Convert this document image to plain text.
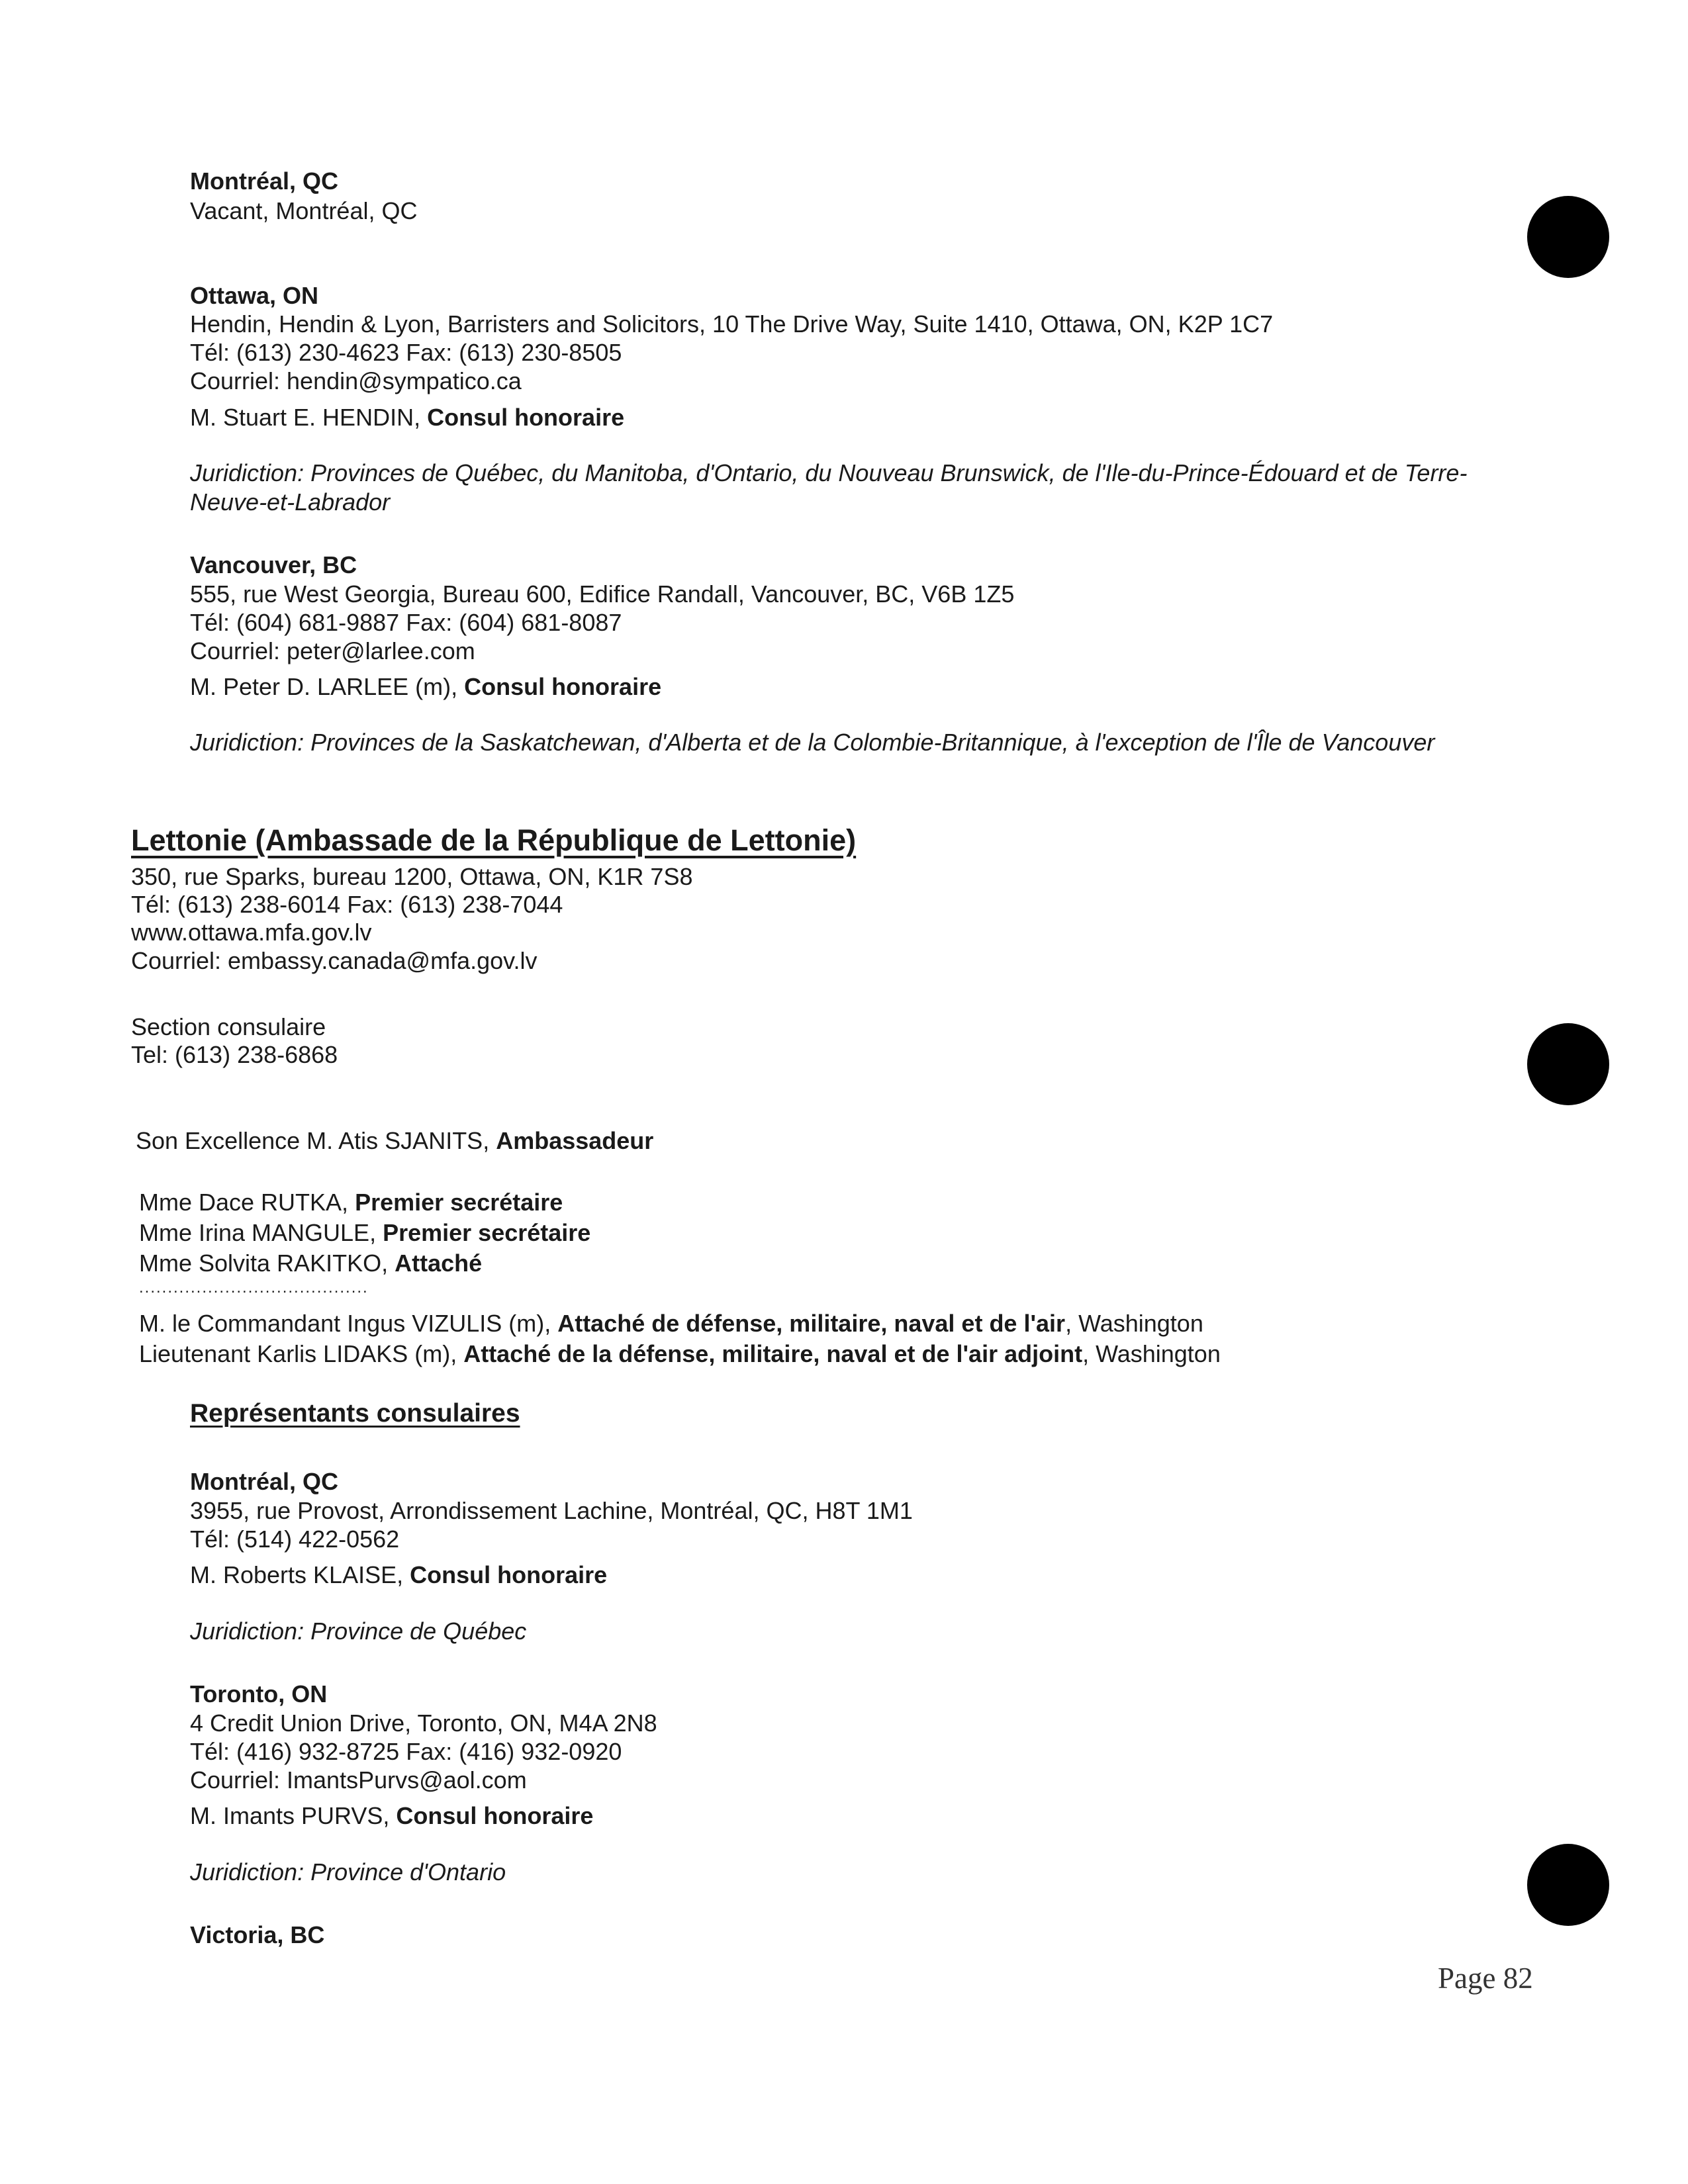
Montréal, QC
Vacant, Montréal, QC
Ottawa, ON
Hendin, Hendin & Lyon, Barristers and Solicitors, 10 The Drive Way, Suite 1410, Ottawa, ON, K2P 1C7
Tél: (613) 230-4623 Fax: (613) 230-8505
Courriel: hendin@sympatico.ca
M. Stuart E. HENDIN, Consul honoraire
Juridiction: Provinces de Québec, du Manitoba, d'Ontario, du Nouveau Brunswick, de l'Ile-du-Prince-Édouard et de Terre-
Neuve-et-Labrador
Vancouver, BC
555, rue West Georgia, Bureau 600, Edifice Randall, Vancouver, BC, V6B 1Z5
Tél: (604) 681-9887 Fax: (604) 681-8087
Courriel: peter@larlee.com
M. Peter D. LARLEE (m), Consul honoraire
Juridiction: Provinces de la Saskatchewan, d'Alberta et de la Colombie-Britannique, à l'exception de l'Île de Vancouver
Lettonie (Ambassade de la République de Lettonie)
350, rue Sparks, bureau 1200, Ottawa, ON, K1R 7S8
Tél: (613) 238-6014 Fax: (613) 238-7044
www.ottawa.mfa.gov.lv
Courriel: embassy.canada@mfa.gov.lv
Section consulaire
Tel: (613) 238-6868
Son Excellence M. Atis SJANITS, Ambassadeur
Mme Dace RUTKA, Premier secrétaire
Mme Irina MANGULE, Premier secrétaire
Mme Solvita RAKITKO, Attaché
........................................
M. le Commandant Ingus VIZULIS (m), Attaché de défense, militaire, naval et de l'air, Washington
Lieutenant Karlis LIDAKS (m), Attaché de la défense, militaire, naval et de l'air adjoint, Washington
Représentants consulaires
Montréal, QC
3955, rue Provost, Arrondissement Lachine, Montréal, QC, H8T 1M1
Tél: (514) 422-0562
M. Roberts KLAISE, Consul honoraire
Juridiction: Province de Québec
Toronto, ON
4 Credit Union Drive, Toronto, ON, M4A 2N8
Tél: (416) 932-8725 Fax: (416) 932-0920
Courriel: ImantsPurvs@aol.com
M. Imants PURVS, Consul honoraire
Juridiction: Province d'Ontario
Victoria, BC
Page 82
